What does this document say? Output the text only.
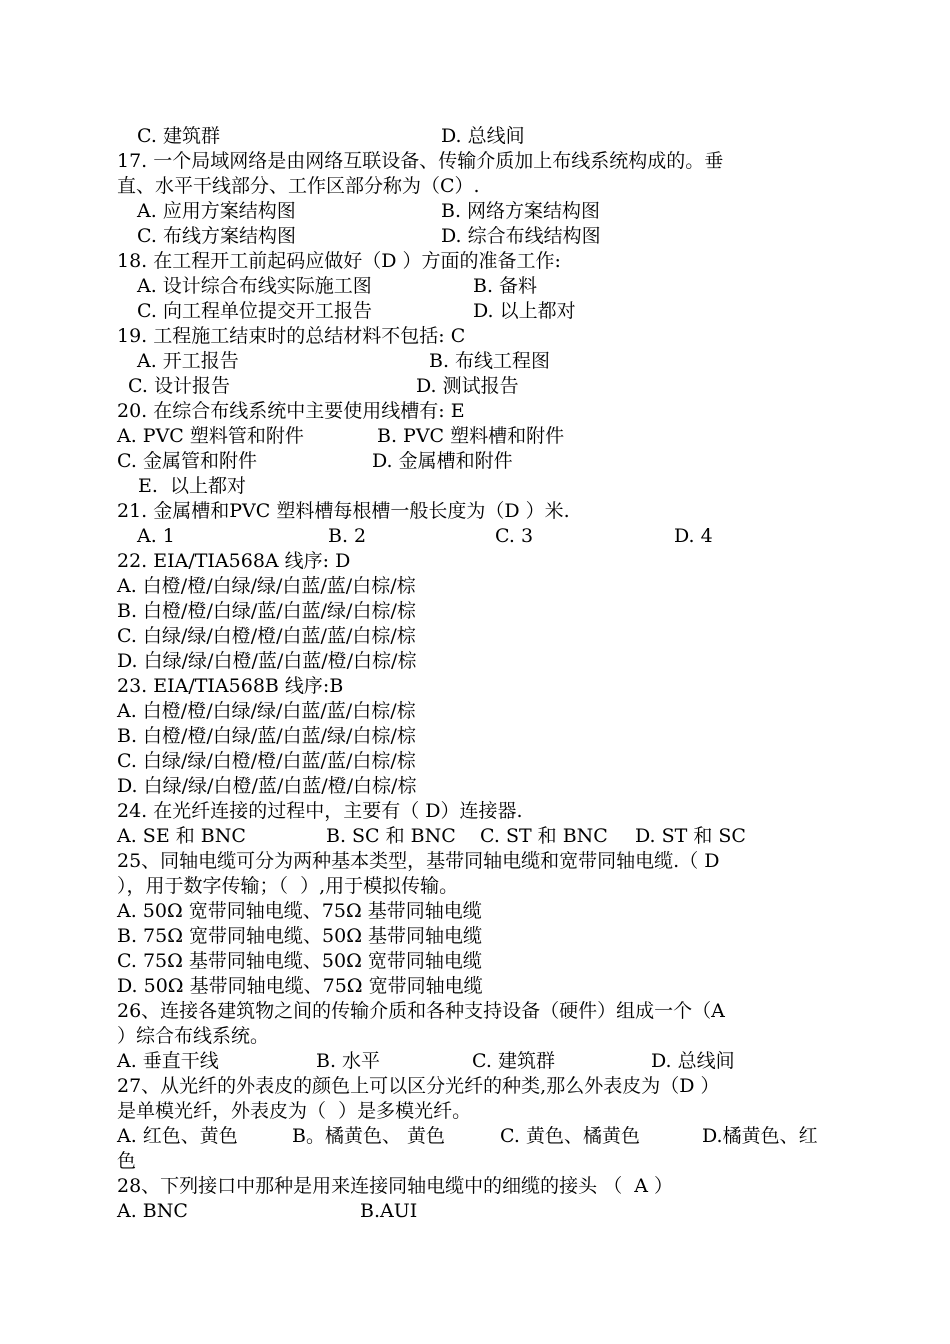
C. 建筑群	D. 总线间
17. 一个局域网络是由网络互联设备、传输介质加上布线系统构成的。垂
直、水平干线部分、工作区部分称为（C）.
A. 应用方案结构图	B. 网络方案结构图
C. 布线方案结构图	D. 综合布线结构图
18. 在工程开工前起码应做好（D ）方面的准备工作:
A. 设计综合布线实际施工图	B. 备料
C. 向工程单位提交开工报告	D. 以上都对
19. 工程施工结束时的总结材料不包括: C
A. 开工报告	B. 布线工程图
C. 设计报告	D. 测试报告
20. 在综合布线系统中主要使用线槽有: E
A. PVC 塑料管和附件	B. PVC 塑料槽和附件
C. 金属管和附件	D. 金属槽和附件
E.  以上都对
21. 金属槽和PVC 塑料槽每根槽一般长度为（D ）米.
A. 1	B. 2	C. 3	D. 4
22. EIA/TIA568A 线序: D
A. 白橙/橙/白绿/绿/白蓝/蓝/白棕/棕
B. 白橙/橙/白绿/蓝/白蓝/绿/白棕/棕
C. 白绿/绿/白橙/橙/白蓝/蓝/白棕/棕
D. 白绿/绿/白橙/蓝/白蓝/橙/白棕/棕
23. EIA/TIA568B 线序:B
A. 白橙/橙/白绿/绿/白蓝/蓝/白棕/棕
B. 白橙/橙/白绿/蓝/白蓝/绿/白棕/棕
C. 白绿/绿/白橙/橙/白蓝/蓝/白棕/棕
D. 白绿/绿/白橙/蓝/白蓝/橙/白棕/棕
24. 在光纤连接的过程中，主要有（ D）连接器.
A. SE 和 BNC	B. SC 和 BNC C. ST 和 BNC D. ST 和 SC
25、同轴电缆可分为两种基本类型，基带同轴电缆和宽带同轴电缆.（ D
），用于数字传输；（  ）,用于模拟传输。
A. 50Ω 宽带同轴电缆、75Ω 基带同轴电缆
B. 75Ω 宽带同轴电缆、50Ω 基带同轴电缆
C. 75Ω 基带同轴电缆、50Ω 宽带同轴电缆
D. 50Ω 基带同轴电缆、75Ω 宽带同轴电缆
26、连接各建筑物之间的传输介质和各种支持设备（硬件）组成一个（A
）综合布线系统。
A. 垂直干线	B. 水平	C. 建筑群	D. 总线间
27、从光纤的外表皮的颜色上可以区分光纤的种类,那么外表皮为（D ）
是单模光纤，外表皮为（  ）是多模光纤。
A. 红色、黄色	B。橘黄色、 黄色	C. 黄色、橘黄色	D.橘黄色、红
色
28、下列接口中那种是用来连接同轴电缆中的细缆的接头 （  A ）
A. BNC	B.AUI
